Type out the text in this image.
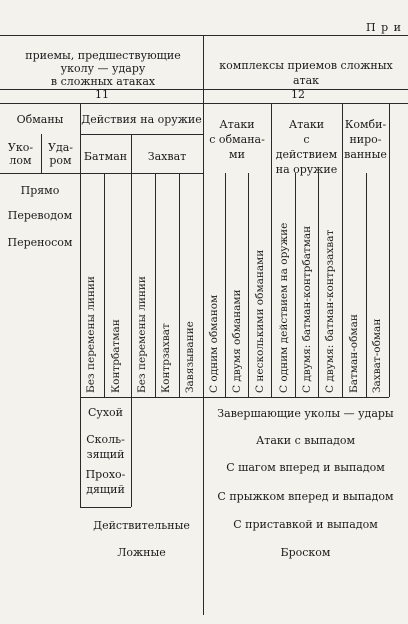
П р и
приемы, предшествующие уколу — удару
в сложных атаках
комплексы приемов сложных атак
11	12
Обманы
Уко-
лом
Уда-
ром
Действия на оружие
Батман	Захват
Атаки
с обмана-
ми
Атаки
с действием
на оружие
Комби-
ниро-
ванные
Прямо
Переводом
Переносом
Без перемены линии Контрбатман Без перемены линии Контрзахват Завязывание С одним обманом С двумя обманами С несколькими обманами С одним действием на оружие С двумя: батман-контрбатман С двумя: батман-контрзахват Батман-обман Захват-обман
Сухой
Сколь-
зящий
Прохо-
дящий
Действительные
Ложные
Завершающие уколы — удары
Атаки с выпадом
С шагом вперед и выпадом
С прыжком вперед и выпадом
С приставкой и выпадом
Броском
